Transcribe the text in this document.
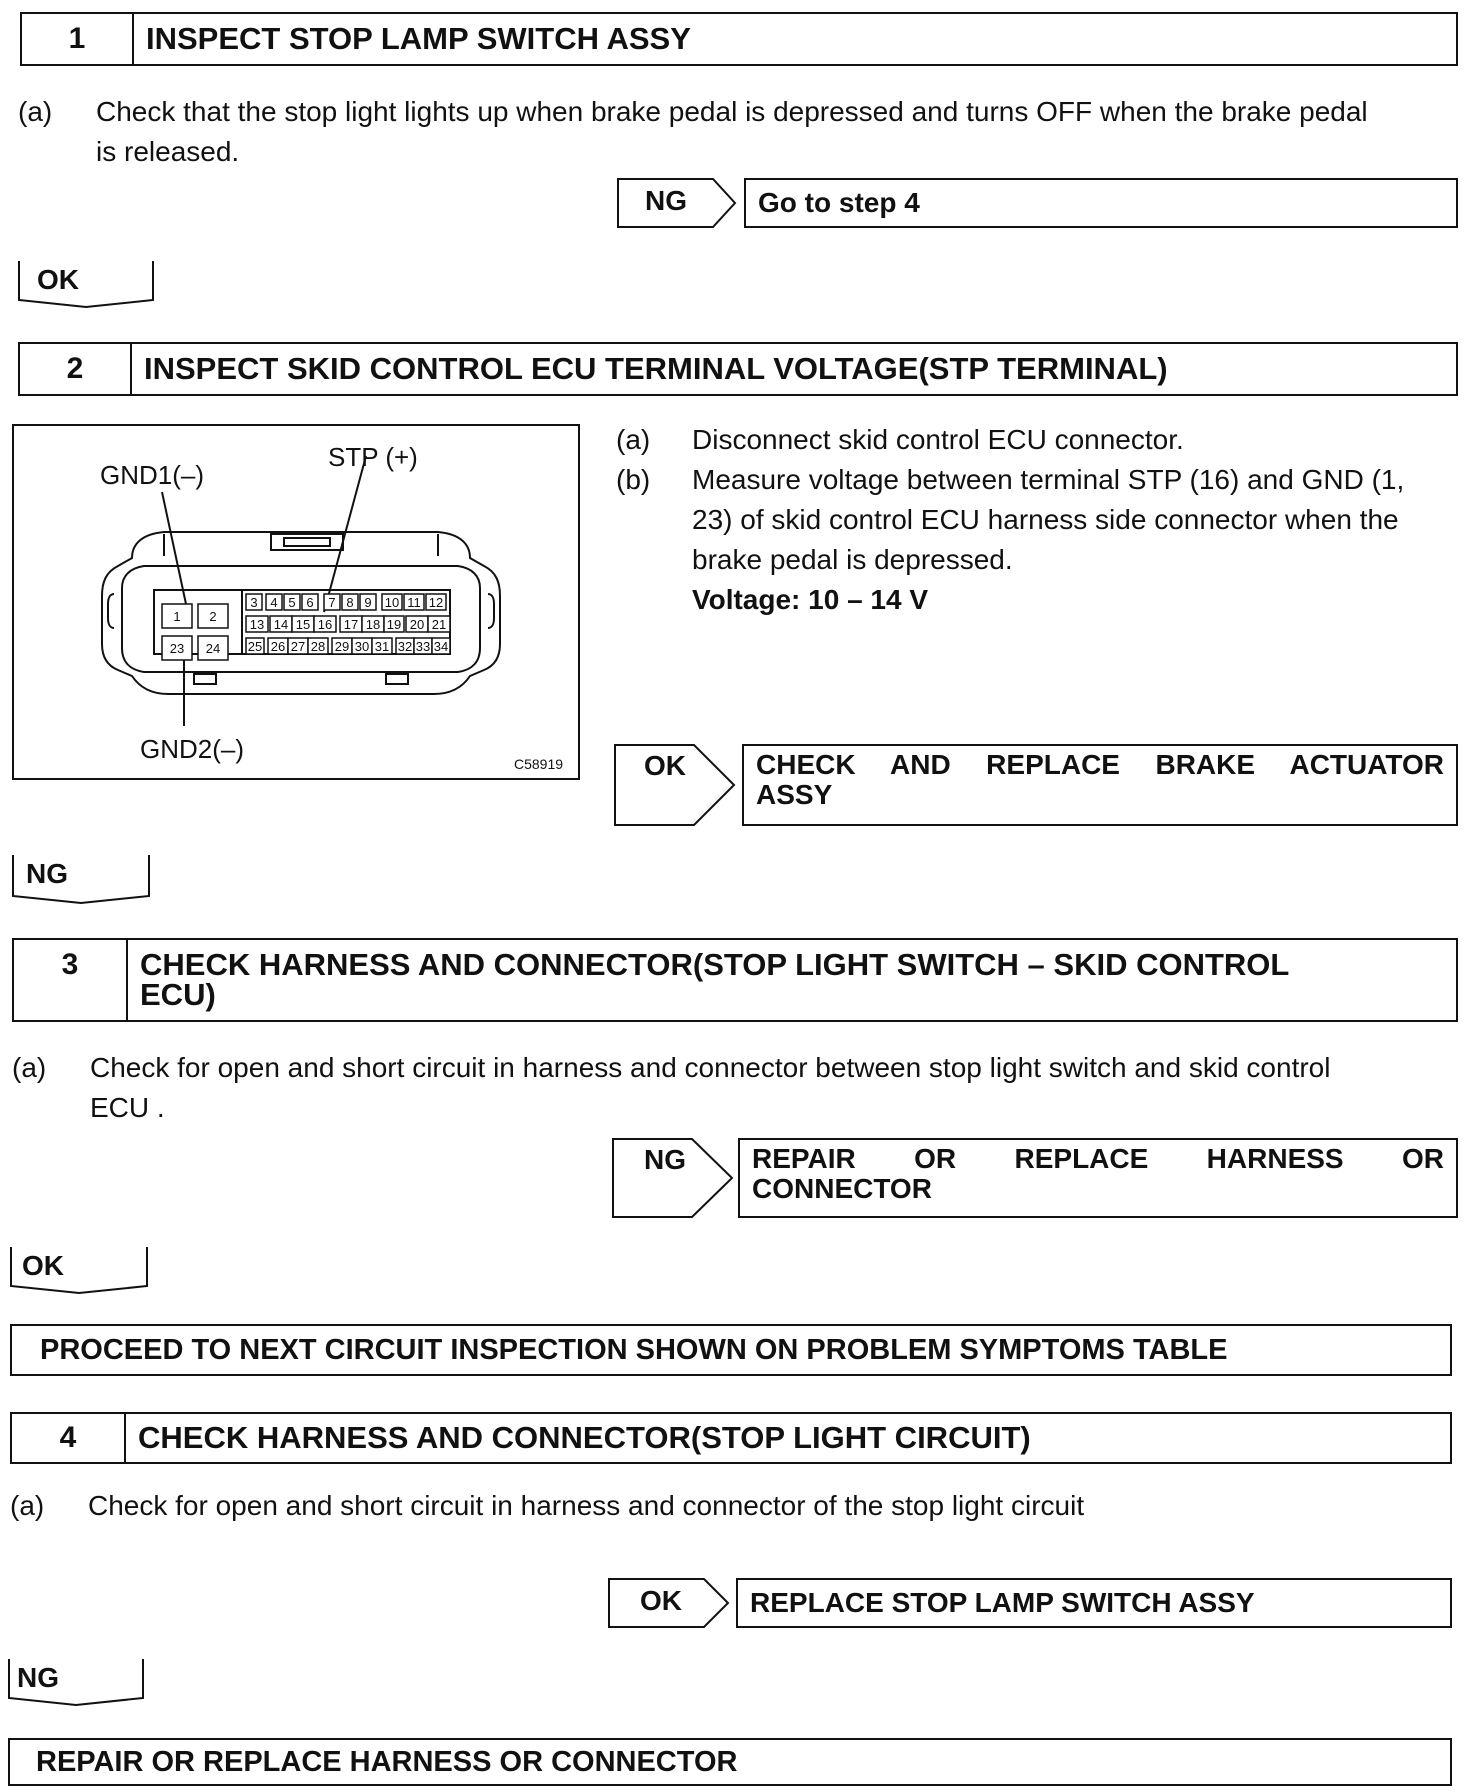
1	INSPECT STOP LAMP SWITCH ASSY
(a) Check that the stop light lights up when brake pedal is depressed and turns OFF when the brake pedal
is released.
NG	Go to step 4
OK
2	INSPECT SKID CONTROL ECU TERMINAL VOLTAGE(STP TERMINAL)
1 2
3 4 5 6 7 8 9 10 11 12
13 14 15 16 17 18 19 20 21
23 24 25 26 27 28 29 30 31 32 33 34
GND1(–)
STP (+)
GND2(–)	C58919
(a) Disconnect skid control ECU connector.
(b) Measure voltage between terminal STP (16) and GND (1,
23) of skid control ECU harness side connector when the
brake pedal is depressed.
Voltage: 10 – 14 V
OK	CHECK AND REPLACE BRAKE ACTUATOR
ASSY
NG
3	CHECK HARNESS AND CONNECTOR(STOP LIGHT SWITCH – SKID CONTROL
ECU)
(a) Check for open and short circuit in harness and connector between stop light switch and skid control
ECU .
NG REPAIR OR REPLACE HARNESS OR
CONNECTOR
OK
PROCEED TO NEXT CIRCUIT INSPECTION SHOWN ON PROBLEM SYMPTOMS TABLE
4	CHECK HARNESS AND CONNECTOR(STOP LIGHT CIRCUIT)
(a) Check for open and short circuit in harness and connector of the stop light circuit
OK REPLACE STOP LAMP SWITCH ASSY
NG
REPAIR OR REPLACE HARNESS OR CONNECTOR
